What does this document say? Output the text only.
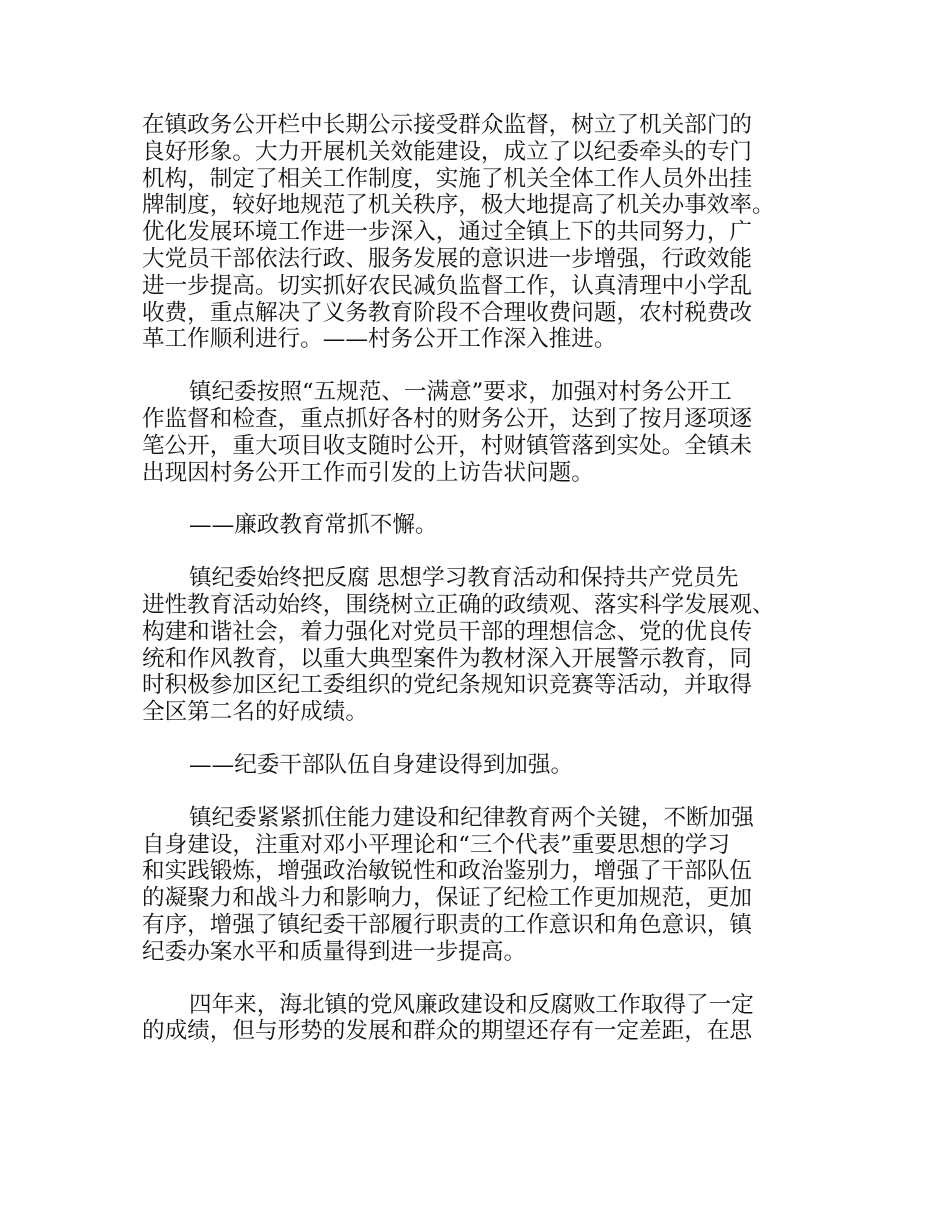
在镇政务公开栏中长期公示接受群众监督，树立了机关部门的
良好形象。大力开展机关效能建设，成立了以纪委牵头的专门
机构，制定了相关工作制度，实施了机关全体工作人员外出挂
牌制度，较好地规范了机关秩序，极大地提高了机关办事效率。
优化发展环境工作进一步深入，通过全镇上下的共同努力，广
大党员干部依法行政、服务发展的意识进一步增强，行政效能
进一步提高。切实抓好农民减负监督工作，认真清理中小学乱
收费，重点解决了义务教育阶段不合理收费问题，农村税费改
革工作顺利进行。——村务公开工作深入推进。
镇纪委按照“五规范、一满意”要求，加强对村务公开工
作监督和检查，重点抓好各村的财务公开，达到了按月逐项逐
笔公开，重大项目收支随时公开，村财镇管落到实处。全镇未
出现因村务公开工作而引发的上访告状问题。
——廉政教育常抓不懈。
镇纪委始终把反腐 思想学习教育活动和保持共产党员先
进性教育活动始终，围绕树立正确的政绩观、落实科学发展观、
构建和谐社会，着力强化对党员干部的理想信念、党的优良传
统和作风教育，以重大典型案件为教材深入开展警示教育，同
时积极参加区纪工委组织的党纪条规知识竞赛等活动，并取得
全区第二名的好成绩。
——纪委干部队伍自身建设得到加强。
镇纪委紧紧抓住能力建设和纪律教育两个关键，不断加强
自身建设，注重对邓小平理论和“三个代表”重要思想的学习
和实践锻炼，增强政治敏锐性和政治鉴别力，增强了干部队伍
的凝聚力和战斗力和影响力，保证了纪检工作更加规范，更加
有序，增强了镇纪委干部履行职责的工作意识和角色意识，镇
纪委办案水平和质量得到进一步提高。
四年来，海北镇的党风廉政建设和反腐败工作取得了一定
的成绩，但与形势的发展和群众的期望还存有一定差距，在思
